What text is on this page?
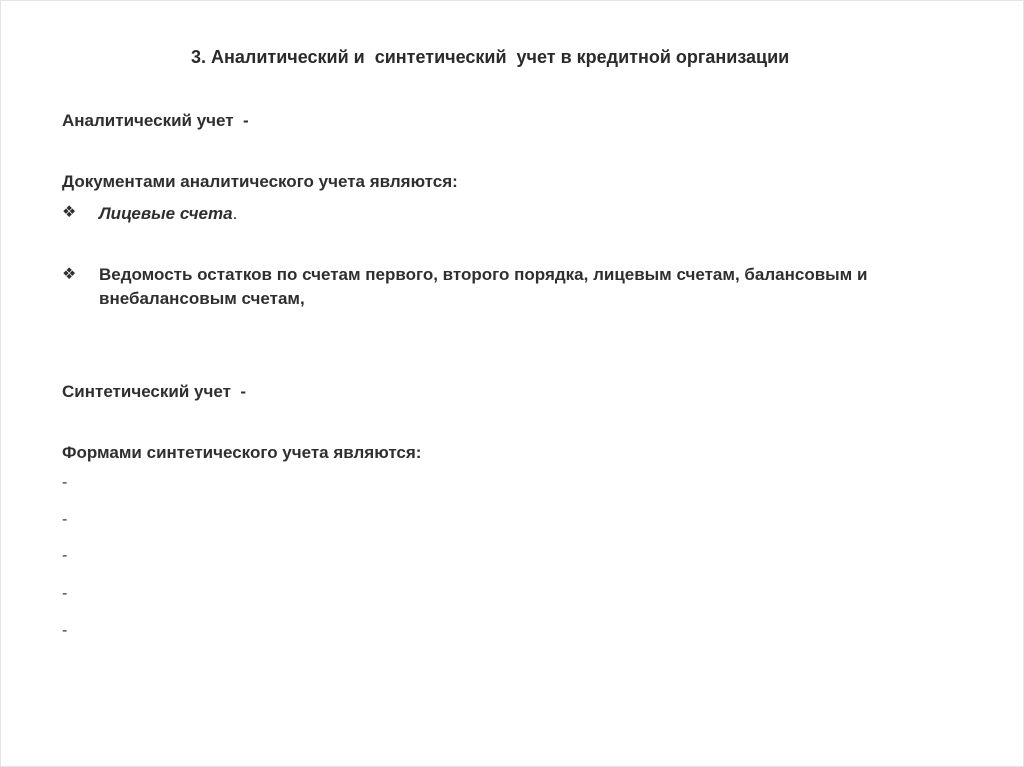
3. Аналитический и  синтетический  учет в кредитной организации
Аналитический учет  -
Документами аналитического учета являются:
❖ Лицевые счета.
❖ Ведомость остатков по счетам первого, второго порядка, лицевым счетам, балансовым и внебалансовым счетам,
Синтетический учет  -
Формами синтетического учета являются:
-
-
-
-
-
